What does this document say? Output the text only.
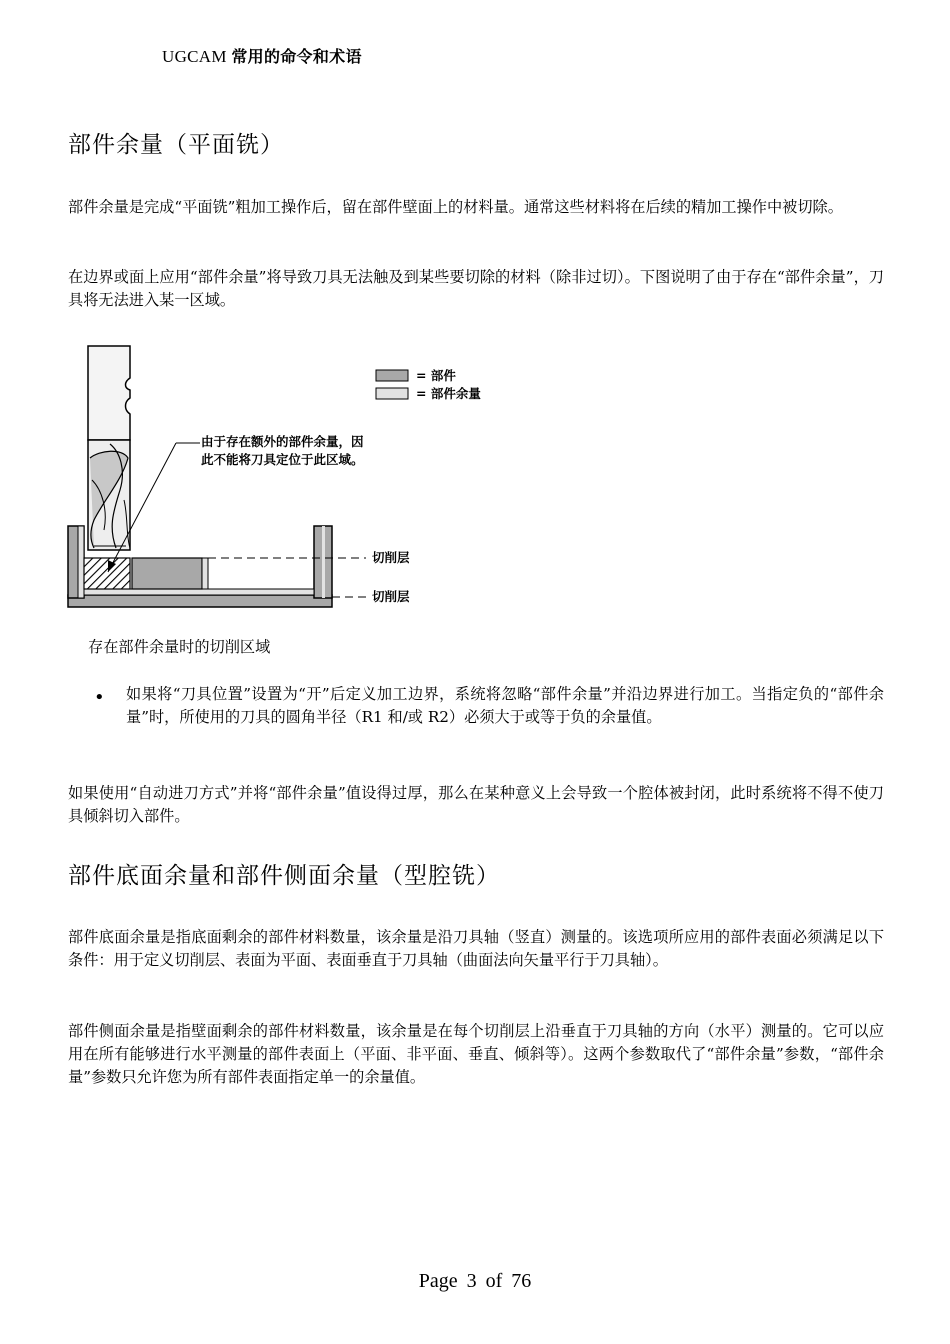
UGCAM 常用的命令和术语
部件余量（平面铣）
部件余量是完成“平面铣”粗加工操作后，留在部件壁面上的材料量。通常这些材料将在后续的精加工操作中被切除。
在边界或面上应用“部件余量”将导致刀具无法触及到某些要切除的材料（除非过切）。下图说明了由于存在“部件余量”，刀具将无法进入某一区域。
由于存在额外的部件余量，因
此不能将刀具定位于此区域。
= 部件
= 部件余量
切削层
切削层
存在部件余量时的切削区域
• 如果将“刀具位置”设置为“开”后定义加工边界，系统将忽略“部件余量”并沿边界进行加工。当指定负的“部件余量”时，所使用的刀具的圆角半径（R1 和/或 R2）必须大于或等于负的余量值。
如果使用“自动进刀方式”并将“部件余量”值设得过厚，那么在某种意义上会导致一个腔体被封闭，此时系统将不得不使刀具倾斜切入部件。
部件底面余量和部件侧面余量（型腔铣）
部件底面余量是指底面剩余的部件材料数量，该余量是沿刀具轴（竖直）测量的。该选项所应用的部件表面必须满足以下条件：用于定义切削层、表面为平面、表面垂直于刀具轴（曲面法向矢量平行于刀具轴）。
部件侧面余量是指壁面剩余的部件材料数量，该余量是在每个切削层上沿垂直于刀具轴的方向（水平）测量的。它可以应用在所有能够进行水平测量的部件表面上（平面、非平面、垂直、倾斜等）。这两个参数取代了“部件余量”参数，“部件余量”参数只允许您为所有部件表面指定单一的余量值。
Page 3 of 76
